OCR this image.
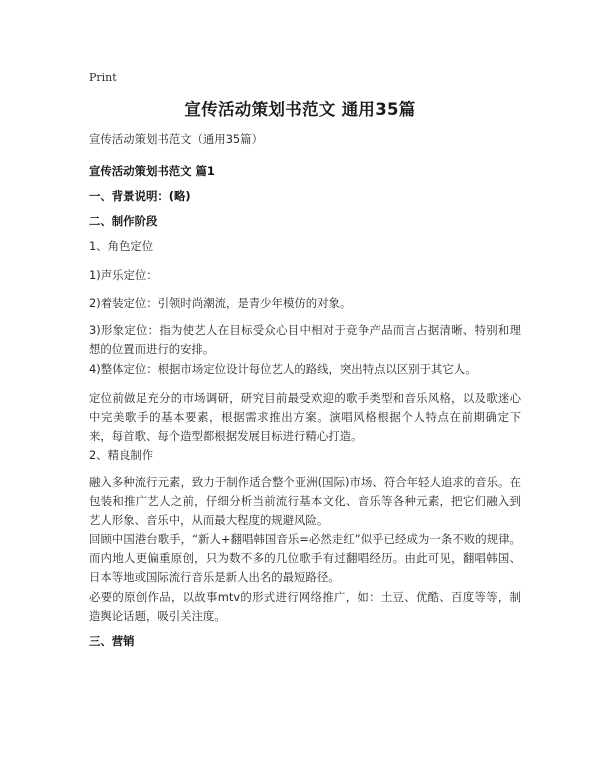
Print
宣传活动策划书范文 通用35篇
宣传活动策划书范文（通用35篇）
宣传活动策划书范文 篇1
一、背景说明：(略)
二、制作阶段
1、角色定位
1)声乐定位：
2)着装定位：引领时尚潮流，是青少年模仿的对象。
3)形象定位：指为使艺人在目标受众心目中相对于竞争产品而言占据清晰、特别和理想的位置而进行的安排。
4)整体定位：根据市场定位设计每位艺人的路线，突出特点以区别于其它人。
定位前做足充分的市场调研，研究目前最受欢迎的歌手类型和音乐风格，以及歌迷心中完美歌手的基本要素，根据需求推出方案。演唱风格根据个人特点在前期确定下来，每首歌、每个造型都根据发展目标进行精心打造。
2、精良制作
融入多种流行元素，致力于制作适合整个亚洲(国际)市场、符合年轻人追求的音乐。在包装和推广艺人之前，仔细分析当前流行基本文化、音乐等各种元素，把它们融入到艺人形象、音乐中，从而最大程度的规避风险。
回顾中国港台歌手，“新人+翻唱韩国音乐=必然走红”似乎已经成为一条不败的规律。而内地人更偏重原创，只为数不多的几位歌手有过翻唱经历。由此可见，翻唱韩国、日本等地或国际流行音乐是新人出名的最短路径。
必要的原创作品，以故事mtv的形式进行网络推广，如：土豆、优酷、百度等等，制造舆论话题，吸引关注度。
三、营销
